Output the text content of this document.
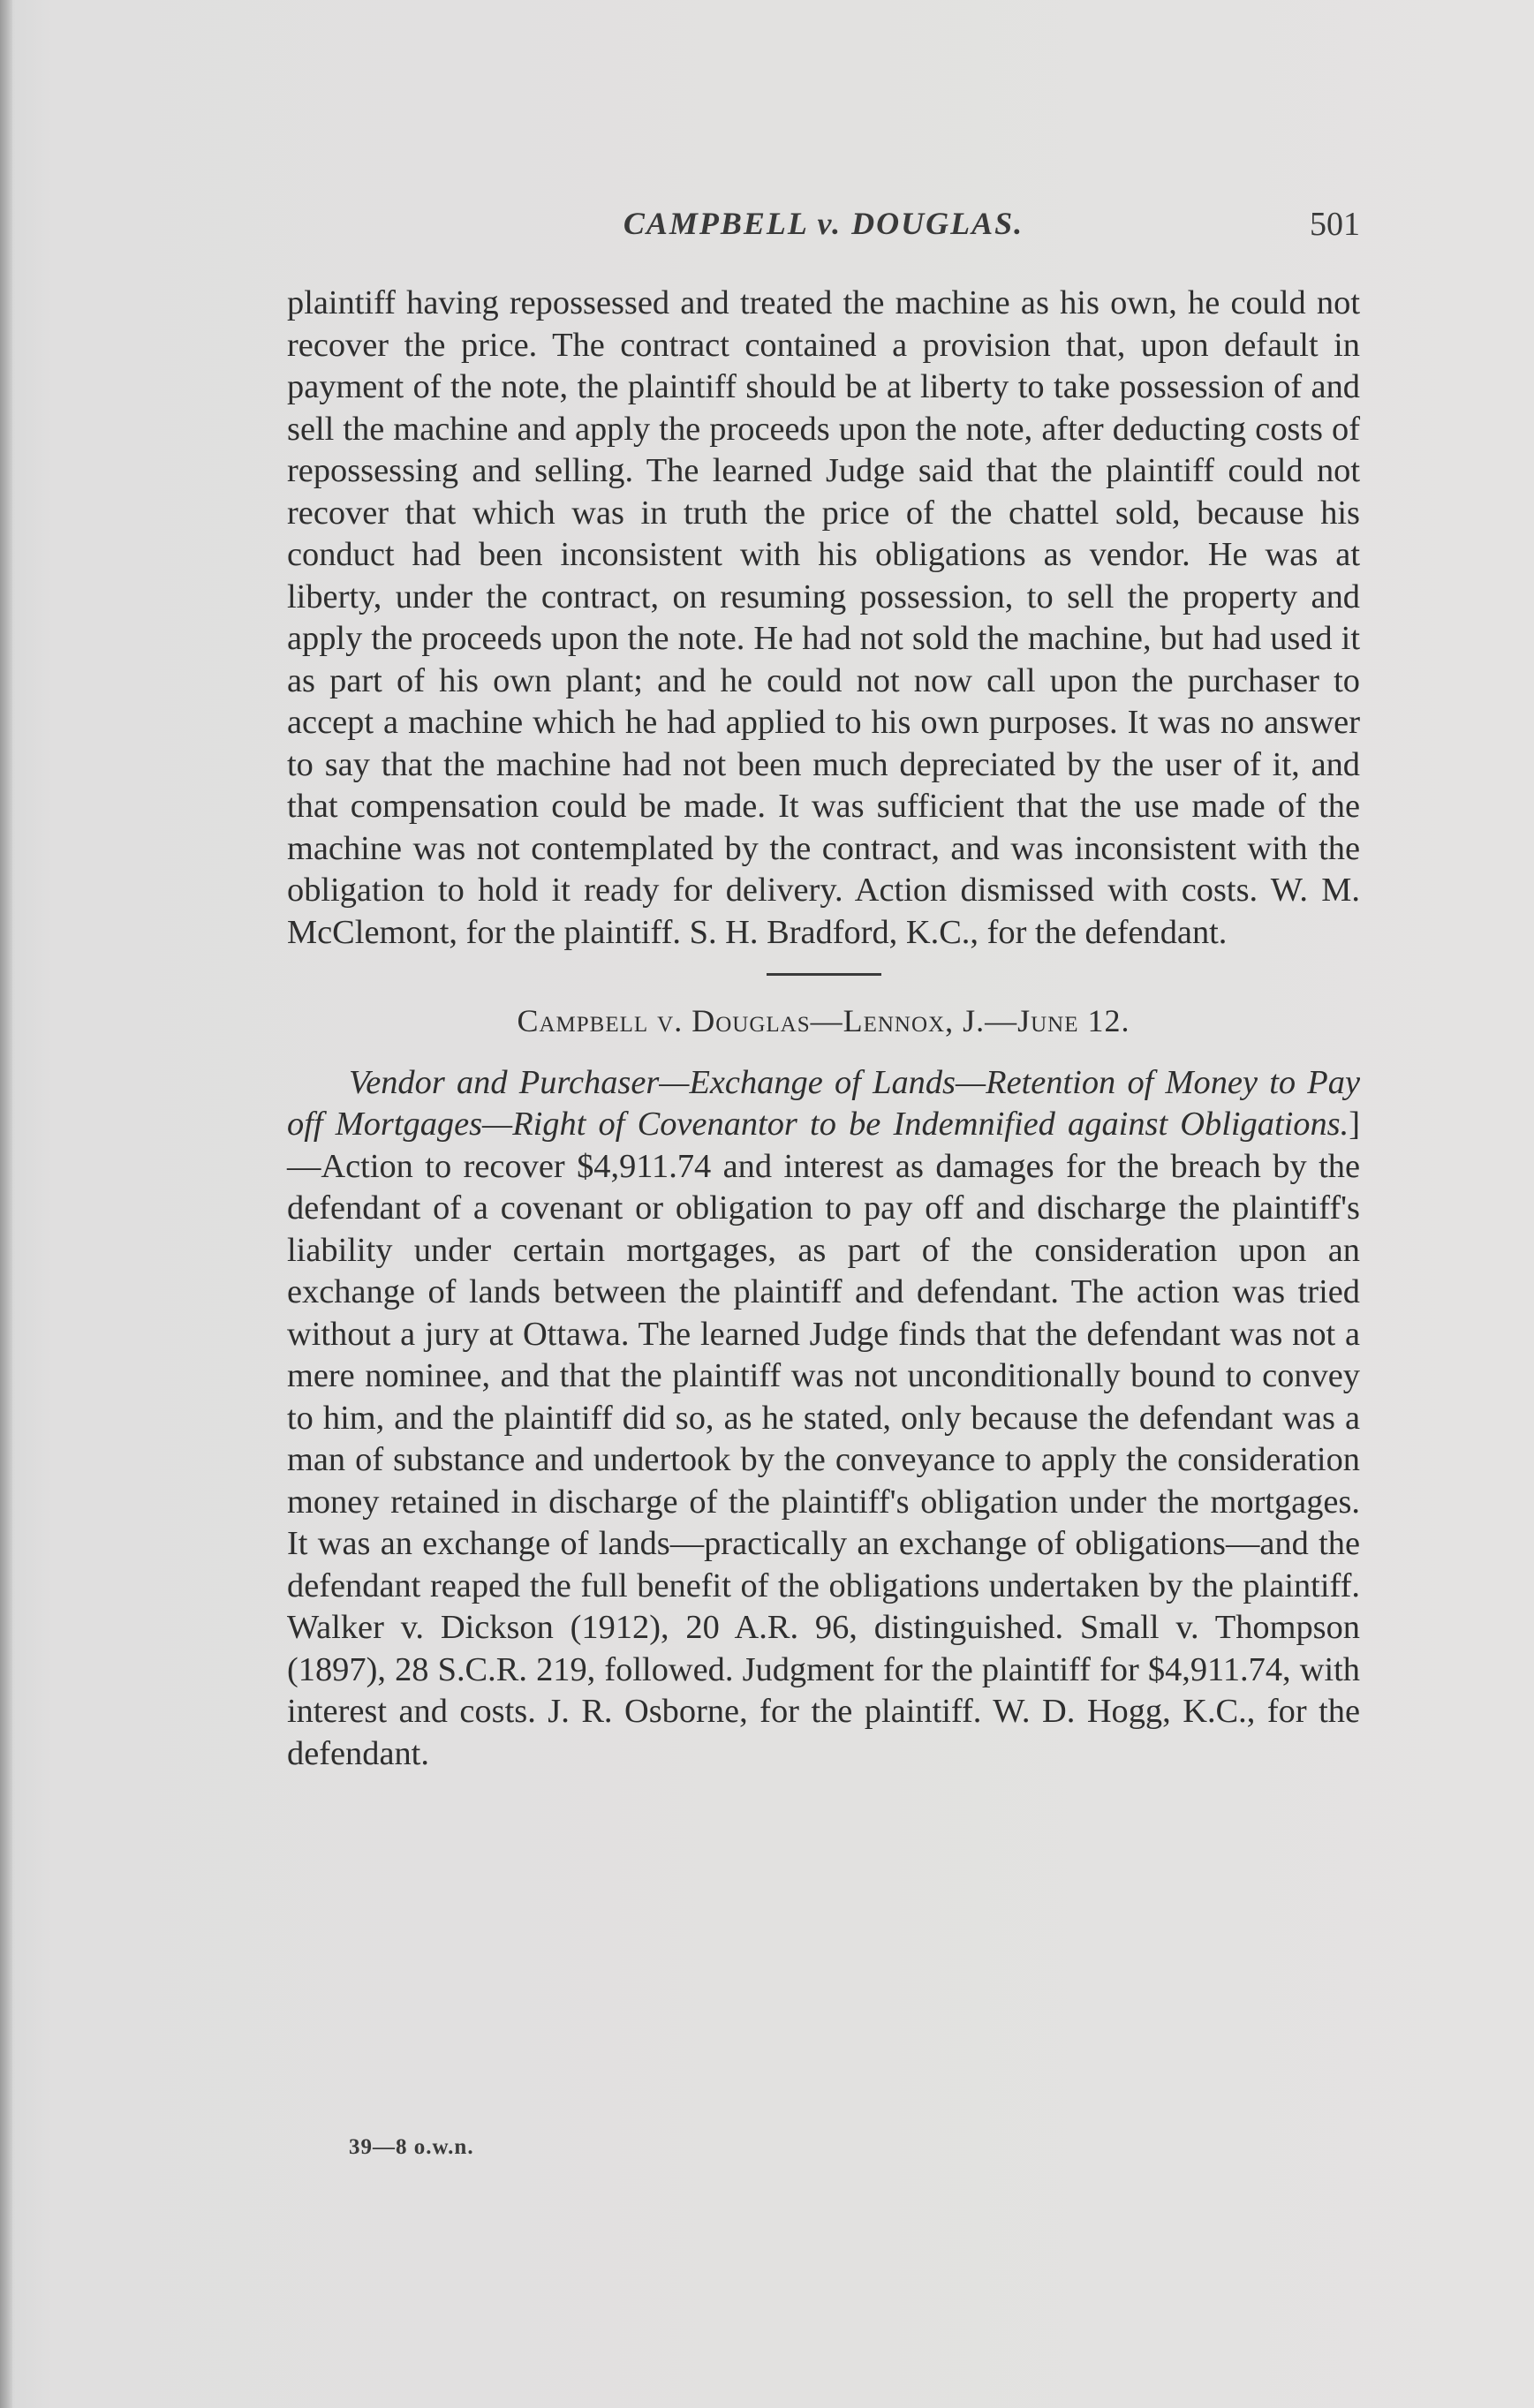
CAMPBELL v. DOUGLAS.	501

plaintiff having repossessed and treated the machine as his own, he could not recover the price. The contract contained a provision that, upon default in payment of the note, the plaintiff should be at liberty to take possession of and sell the machine and apply the proceeds upon the note, after deducting costs of repossessing and selling. The learned Judge said that the plaintiff could not recover that which was in truth the price of the chattel sold, because his conduct had been inconsistent with his obligations as vendor. He was at liberty, under the contract, on resuming possession, to sell the property and apply the proceeds upon the note. He had not sold the machine, but had used it as part of his own plant; and he could not now call upon the purchaser to accept a machine which he had applied to his own purposes. It was no answer to say that the machine had not been much depreciated by the user of it, and that compensation could be made. It was sufficient that the use made of the machine was not contemplated by the contract, and was inconsistent with the obligation to hold it ready for delivery. Action dismissed with costs. W. M. McClemont, for the plaintiff. S. H. Bradford, K.C., for the defendant.

Campbell v. Douglas—Lennox, J.—June 12.

Vendor and Purchaser—Exchange of Lands—Retention of Money to Pay off Mortgages—Right of Covenantor to be Indemnified against Obligations.]—Action to recover $4,911.74 and interest as damages for the breach by the defendant of a covenant or obligation to pay off and discharge the plaintiff's liability under certain mortgages, as part of the consideration upon an exchange of lands between the plaintiff and defendant. The action was tried without a jury at Ottawa. The learned Judge finds that the defendant was not a mere nominee, and that the plaintiff was not unconditionally bound to convey to him, and the plaintiff did so, as he stated, only because the defendant was a man of substance and undertook by the conveyance to apply the consideration money retained in discharge of the plaintiff's obligation under the mortgages. It was an exchange of lands—practically an exchange of obligations—and the defendant reaped the full benefit of the obligations undertaken by the plaintiff. Walker v. Dickson (1912), 20 A.R. 96, distinguished. Small v. Thompson (1897), 28 S.C.R. 219, followed. Judgment for the plaintiff for $4,911.74, with interest and costs. J. R. Osborne, for the plaintiff. W. D. Hogg, K.C., for the defendant.

39—8 o.w.n.
